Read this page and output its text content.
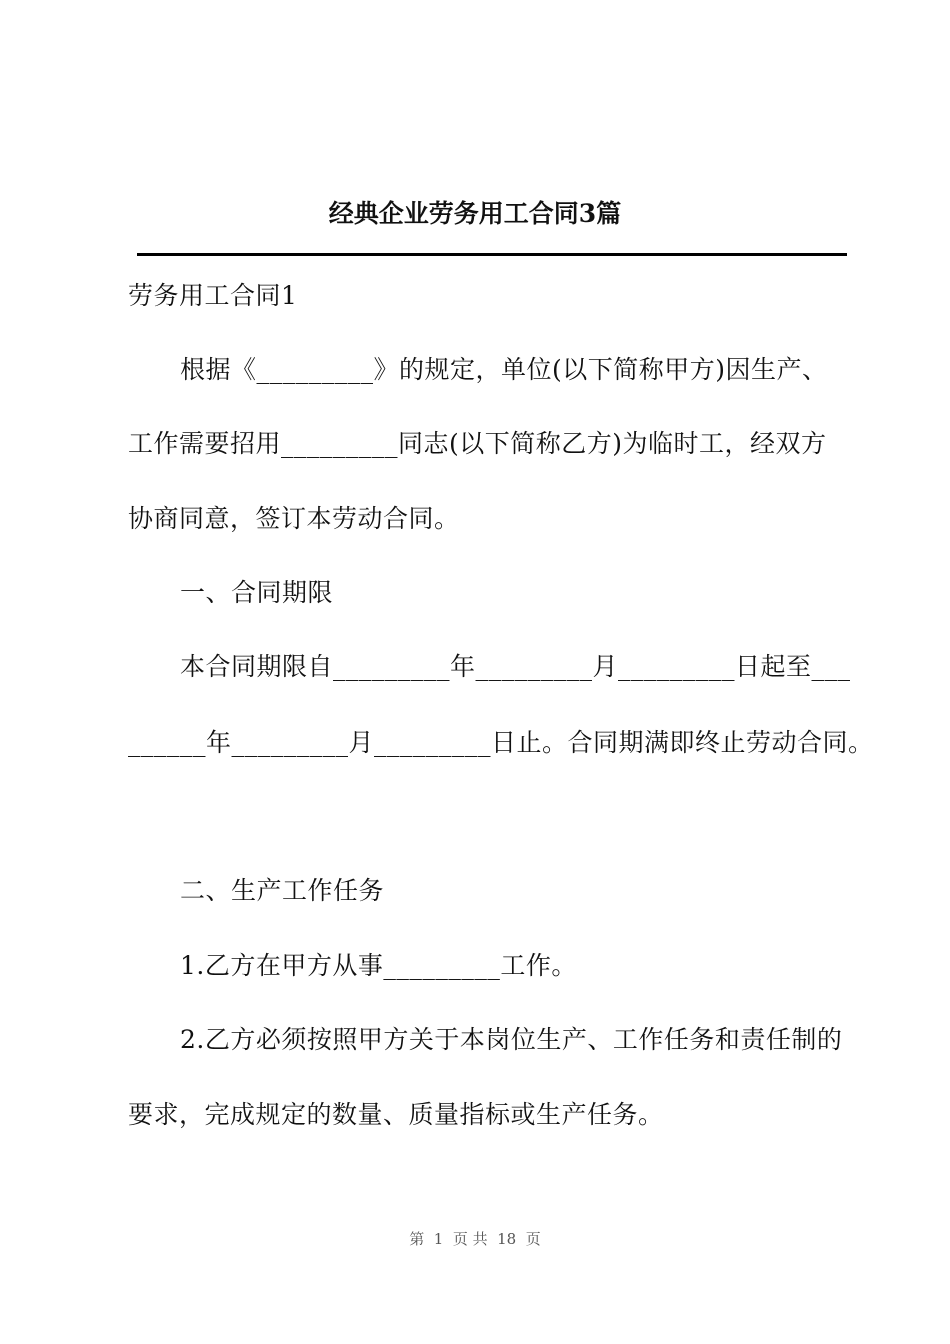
经典企业劳务用工合同3篇
劳务用工合同1
根据《_________》的规定，单位(以下简称甲方)因生产、
工作需要招用_________同志(以下简称乙方)为临时工，经双方
协商同意，签订本劳动合同。
一、合同期限
本合同期限自_________年_________月_________日起至___
______年_________月_________日止。合同期满即终止劳动合同。
二、生产工作任务
1.乙方在甲方从事_________工作。
2.乙方必须按照甲方关于本岗位生产、工作任务和责任制的
要求，完成规定的数量、质量指标或生产任务。
第  1  页 共  18  页
